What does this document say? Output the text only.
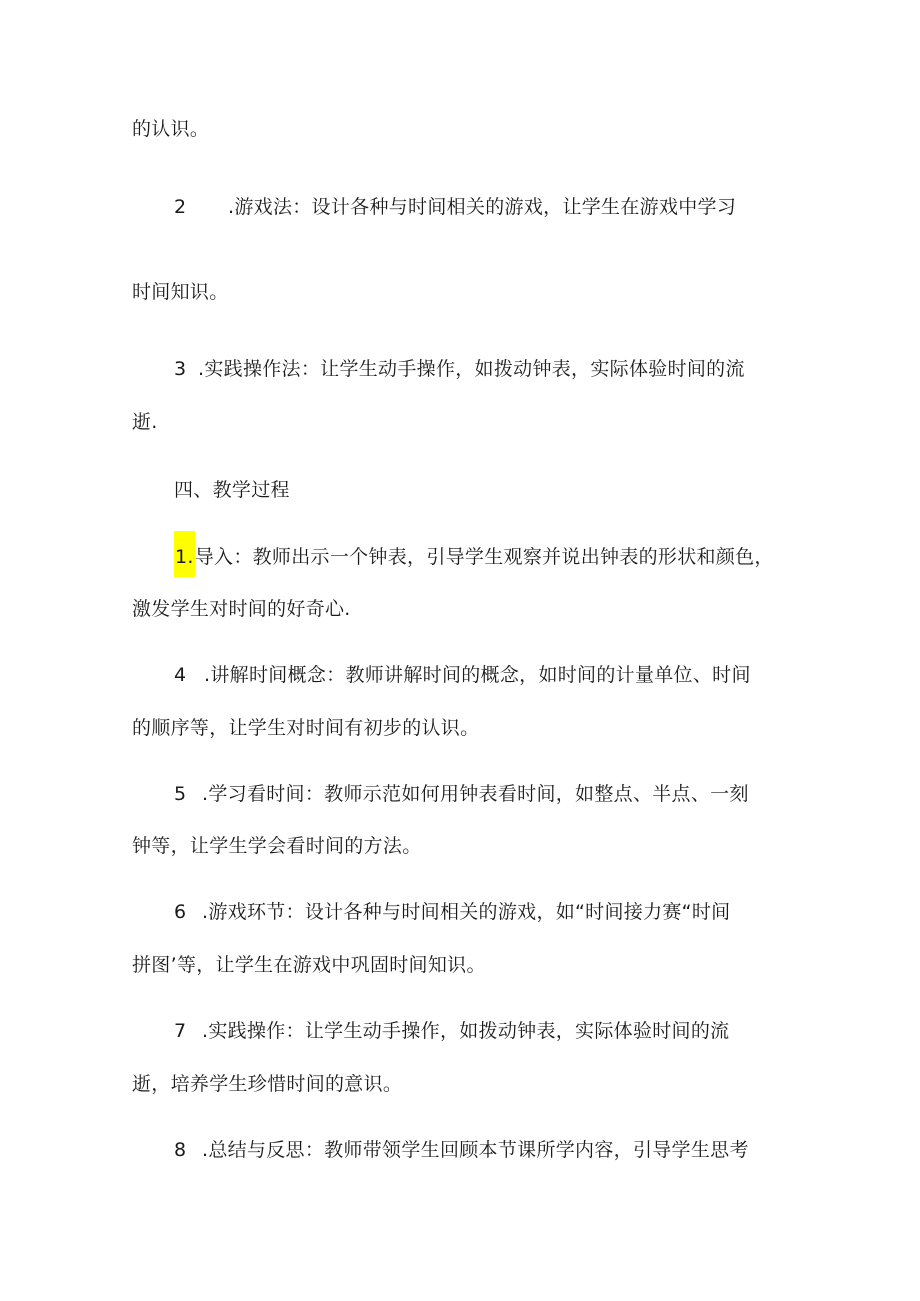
的认识。
2 .游戏法：设计各种与时间相关的游戏，让学生在游戏中学习
时间知识。
3 .实践操作法：让学生动手操作，如拨动钟表，实际体验时间的流
逝.
四、教学过程
1.导入：教师出示一个钟表，引导学生观察并说出钟表的形状和颜色，
激发学生对时间的好奇心.
4 .讲解时间概念：教师讲解时间的概念，如时间的计量单位、时间
的顺序等，让学生对时间有初步的认识。
5 .学习看时间：教师示范如何用钟表看时间，如整点、半点、一刻
钟等，让学生学会看时间的方法。
6 .游戏环节：设计各种与时间相关的游戏，如“时间接力赛“时间
拼图’等，让学生在游戏中巩固时间知识。
7 .实践操作：让学生动手操作，如拨动钟表，实际体验时间的流
逝，培养学生珍惜时间的意识。
8 .总结与反思：教师带领学生回顾本节课所学内容，引导学生思考
